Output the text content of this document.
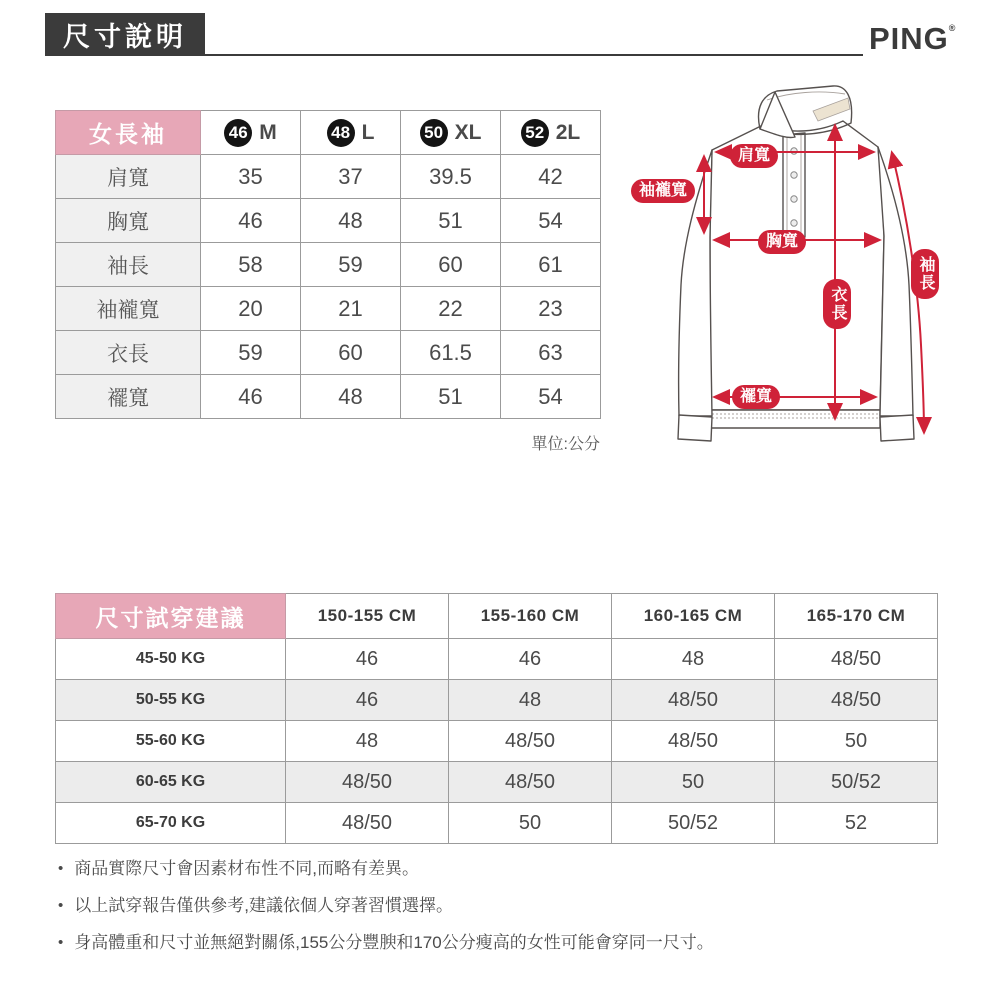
尺寸說明	PING®
女長袖	46 M	48 L	50 XL	52 2L
肩寬	35	37	39.5	42
胸寬	46	48	51	54
袖長	58	59	60	61
袖襱寬	20	21	22	23
衣長	59	60	61.5	63
襬寬	46	48	51	54
單位:公分
肩寬
袖襱寬
胸寬
衣長
襬寬
袖長
尺寸試穿建議	150-155 CM	155-160 CM	160-165 CM	165-170 CM
45-50 KG	46	46	48	48/50
50-55 KG	46	48	48/50	48/50
55-60 KG	48	48/50	48/50	50
60-65 KG	48/50	48/50	50	50/52
65-70 KG	48/50	50	50/52	52
• 商品實際尺寸會因素材布性不同,而略有差異。
• 以上試穿報告僅供參考,建議依個人穿著習慣選擇。
• 身高體重和尺寸並無絕對關係,155公分豐腴和170公分瘦高的女性可能會穿同一尺寸。
